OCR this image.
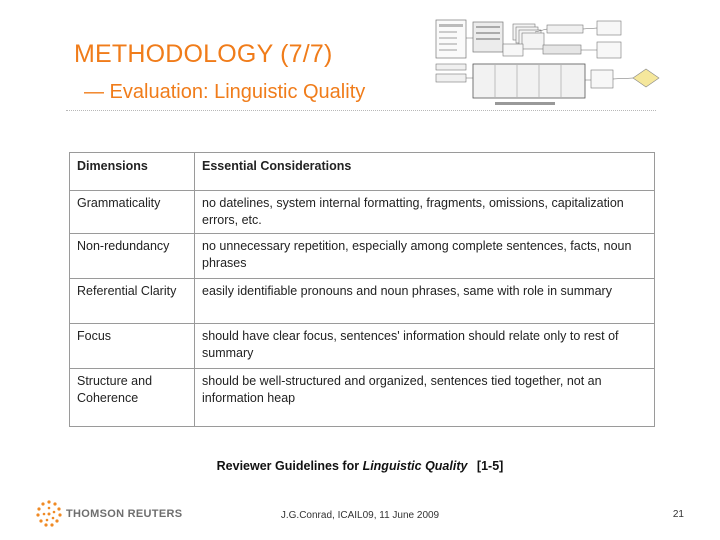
METHODOLOGY (7/7)
— Evaluation: Linguistic Quality
Dimensions	Essential Considerations
Grammaticality	no datelines, system internal formatting, fragments, omissions, capitalization errors, etc.
Non-redundancy	no unnecessary repetition, especially among complete sentences, facts, noun phrases
Referential Clarity	easily identifiable pronouns and noun phrases, same with role in summary
Focus	should have clear focus, sentences' information should relate only to rest of summary
Structure and Coherence	should be well-structured and organized, sentences tied together, not an information heap
Reviewer Guidelines for Linguistic Quality [1-5]
THOMSON REUTERS	J.G.Conrad, ICAIL09, 11 June 2009	21
